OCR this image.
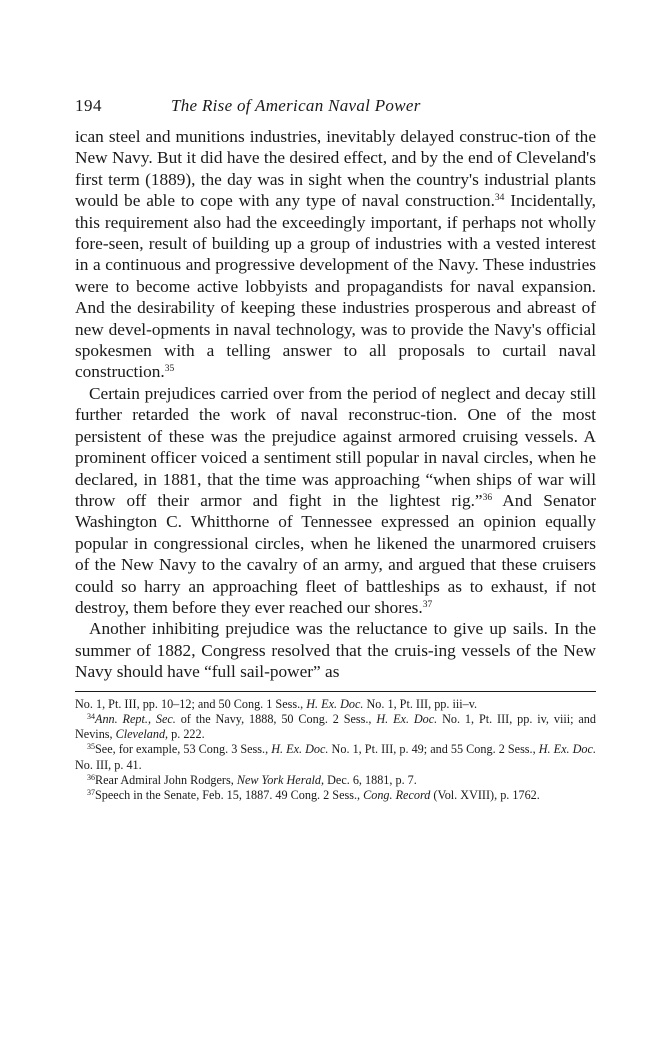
194	The Rise of American Naval Power

ican steel and munitions industries, inevitably delayed construc-tion of the New Navy. But it did have the desired effect, and by the end of Cleveland's first term (1889), the day was in sight when the country's industrial plants would be able to cope with any type of naval construction.$^{34}$ Incidentally, this requirement also had the exceedingly important, if perhaps not wholly fore-seen, result of building up a group of industries with a vested interest in a continuous and progressive development of the Navy. These industries were to become active lobbyists and propagandists for naval expansion. And the desirability of keeping these industries prosperous and abreast of new devel-opments in naval technology, was to provide the Navy's official spokesmen with a telling answer to all proposals to curtail naval construction.$^{35}$

Certain prejudices carried over from the period of neglect and decay still further retarded the work of naval reconstruc-tion. One of the most persistent of these was the prejudice against armored cruising vessels. A prominent officer voiced a sentiment still popular in naval circles, when he declared, in 1881, that the time was approaching “when ships of war will throw off their armor and fight in the lightest rig.”$^{36}$ And Senator Washington C. Whitthorne of Tennessee expressed an opinion equally popular in congressional circles, when he likened the unarmored cruisers of the New Navy to the cavalry of an army, and argued that these cruisers could so harry an approaching fleet of battleships as to exhaust, if not destroy, them before they ever reached our shores.$^{37}$

Another inhibiting prejudice was the reluctance to give up sails. In the summer of 1882, Congress resolved that the cruis-ing vessels of the New Navy should have “full sail-power” as

No. 1, Pt. III, pp. 10–12; and 50 Cong. 1 Sess., H. Ex. Doc. No. 1, Pt. III, pp. iii–v.

$^{34}$Ann. Rept., Sec. of the Navy, 1888, 50 Cong. 2 Sess., H. Ex. Doc. No. 1, Pt. III, pp. iv, viii; and Nevins, Cleveland, p. 222.

$^{35}$See, for example, 53 Cong. 3 Sess., H. Ex. Doc. No. 1, Pt. III, p. 49; and 55 Cong. 2 Sess., H. Ex. Doc. No. III, p. 41.

$^{36}$Rear Admiral John Rodgers, New York Herald, Dec. 6, 1881, p. 7.

$^{37}$Speech in the Senate, Feb. 15, 1887. 49 Cong. 2 Sess., Cong. Record (Vol. XVIII), p. 1762.
